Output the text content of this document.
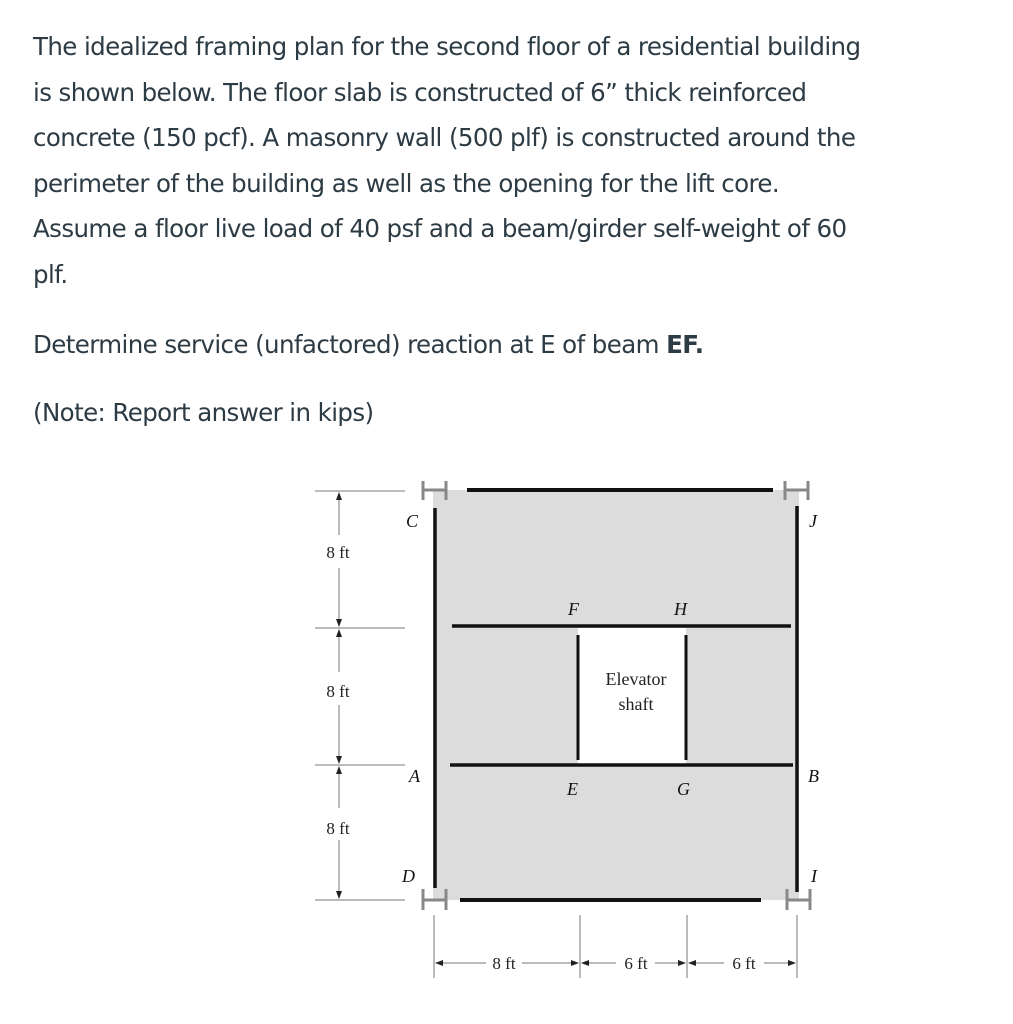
The idealized framing plan for the second floor of a residential building
is shown below. The floor slab is constructed of 6” thick reinforced
concrete (150 pcf). A masonry wall (500 plf) is constructed around the
perimeter of the building as well as the opening for the lift core.
Assume a floor live load of 40 psf and a beam/girder self-weight of 60
plf.

Determine service (unfactored) reaction at E of beam EF.

(Note: Report answer in kips)

C	J
F	H
A	B
E	G
D	I
Elevator
shaft
8 ft
8 ft
8 ft
8 ft	6 ft	6 ft
